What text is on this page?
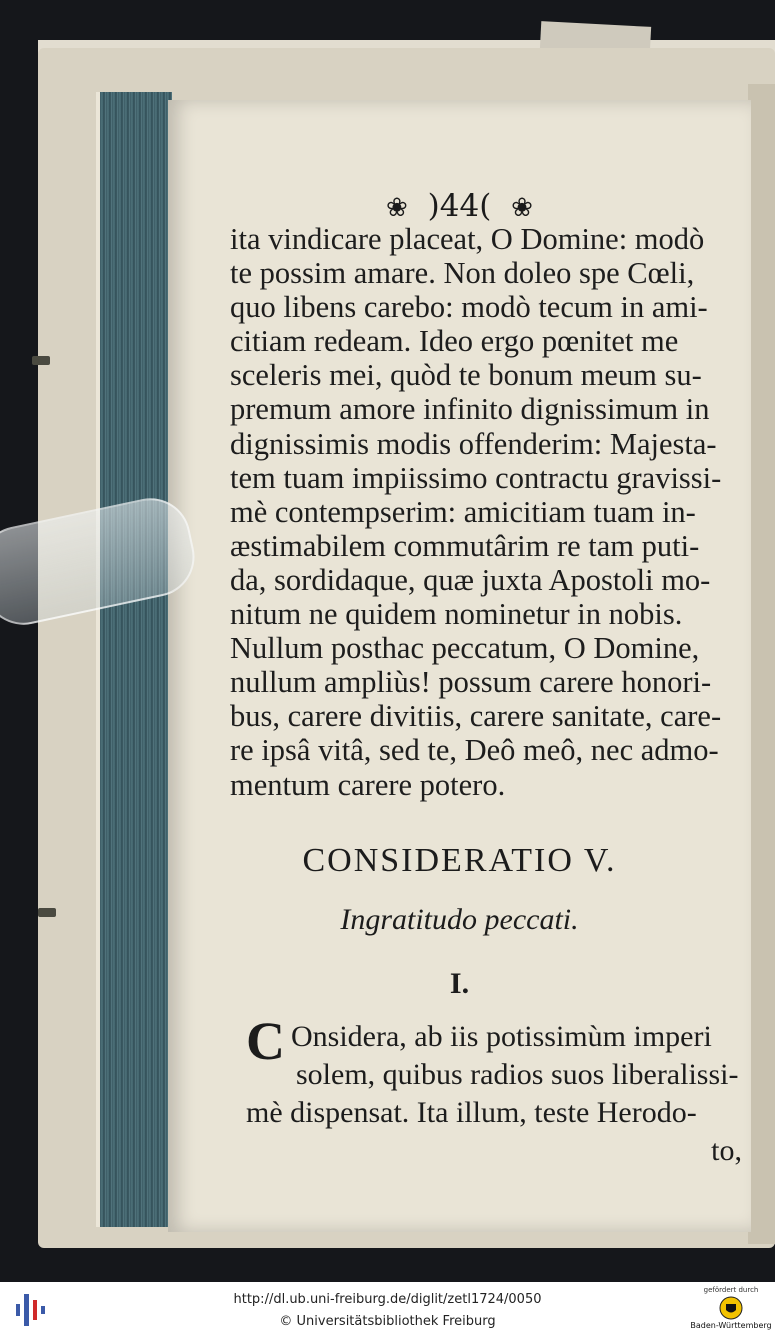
❀ )44( ❀
ita vindicare placeat, O Domine: modò
te possim amare. Non doleo spe Cœli,
quo libens carebo: modò tecum in ami-
citiam redeam. Ideo ergo pœnitet me
sceleris mei, quòd te bonum meum su-
premum amore infinito dignissimum in
dignissimis modis offenderim: Majesta-
tem tuam impiissimo contractu gravissi-
mè contempserim: amicitiam tuam in-
æstimabilem commutârim re tam puti-
da, sordidaque, quæ juxta Apostoli mo-
nitum ne quidem nominetur in nobis.
Nullum posthac peccatum, O Domine,
nullum ampliùs! possum carere honori-
bus, carere divitiis, carere sanitate, care-
re ipsâ vitâ, sed te, Deô meô, nec admo-
mentum carere potero.
CONSIDERATIO V.
Ingratitudo peccati.
I.
C Onsidera, ab iis potissimùm imperi
solem, quibus radios suos liberalissi-
mè dispensat. Ita illum, teste Herodo-
to,
http://dl.ub.uni-freiburg.de/diglit/zetl1724/0050
© Universitätsbibliothek Freiburg
gefördert durch
Baden-Württemberg
